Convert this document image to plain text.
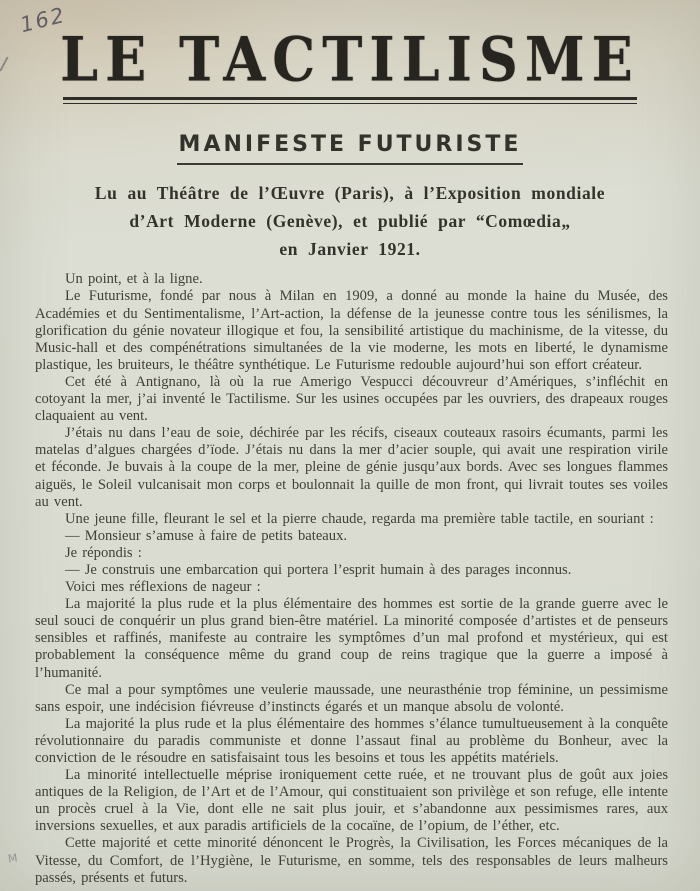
162
LE TACTILISME
MANIFESTE FUTURISTE
Lu au Théâtre de l’Œuvre (Paris), à l’Exposition mondiale
d’Art Moderne (Genève), et publié par “Comœdia„
en Janvier 1921.

Un point, et à la ligne.

Le Futurisme, fondé par nous à Milan en 1909, a donné au monde la haine du Musée, des Académies et du Sentimentalisme, l’Art-action, la défense de la jeunesse contre tous les sénilismes, la glorification du génie novateur illogique et fou, la sensibilité artistique du machinisme, de la vitesse, du Music-hall et des compénétrations simultanées de la vie moderne, les mots en liberté, le dynamisme plastique, les bruiteurs, le théâtre synthétique. Le Futurisme redouble aujourd’hui son effort créateur.

Cet été à Antignano, là où la rue Amerigo Vespucci découvreur d’Amériques, s’infléchit en cotoyant la mer, j’ai inventé le Tactilisme. Sur les usines occupées par les ouvriers, des drapeaux rouges claquaient au vent.

J’étais nu dans l’eau de soie, déchirée par les récifs, ciseaux couteaux rasoirs écumants, parmi les matelas d’algues chargées d’ïode. J’étais nu dans la mer d’acier souple, qui avait une respiration virile et féconde. Je buvais à la coupe de la mer, pleine de génie jusqu’aux bords. Avec ses longues flammes aiguës, le Soleil vulcanisait mon corps et boulonnait la quille de mon front, qui livrait toutes ses voiles au vent.

Une jeune fille, fleurant le sel et la pierre chaude, regarda ma première table tactile, en souriant :

— Monsieur s’amuse à faire de petits bateaux.

Je répondis :

— Je construis une embarcation qui portera l’esprit humain à des parages inconnus.

Voici mes réflexions de nageur :

La majorité la plus rude et la plus élémentaire des hommes est sortie de la grande guerre avec le seul souci de conquérir un plus grand bien-être matériel. La minorité composée d’artistes et de penseurs sensibles et raffinés, manifeste au contraire les symptômes d’un mal profond et mystérieux, qui est probablement la conséquence même du grand coup de reins tragique que la guerre a imposé à l’humanité.

Ce mal a pour symptômes une veulerie maussade, une neurasthénie trop féminine, un pessimisme sans espoir, une indécision fiévreuse d’instincts égarés et un manque absolu de volonté.

La majorité la plus rude et la plus élémentaire des hommes s’élance tumultueusement à la conquête révolutionnaire du paradis communiste et donne l’assaut final au problème du Bonheur, avec la conviction de le résoudre en satisfaisaint tous les besoins et tous les appétits matériels.

La minorité intellectuelle méprise ironiquement cette ruée, et ne trouvant plus de goût aux joies antiques de la Religion, de l’Art et de l’Amour, qui constituaient son privilège et son refuge, elle intente un procès cruel à la Vie, dont elle ne sait plus jouir, et s’abandonne aux pessimismes rares, aux inversions sexuelles, et aux paradis artificiels de la cocaïne, de l’opium, de l’éther, etc.

Cette majorité et cette minorité dénoncent le Progrès, la Civilisation, les Forces mécaniques de la Vitesse, du Comfort, de l’Hygiène, le Futurisme, en somme, tels des responsables de leurs malheurs passés, présents et futurs.

M
